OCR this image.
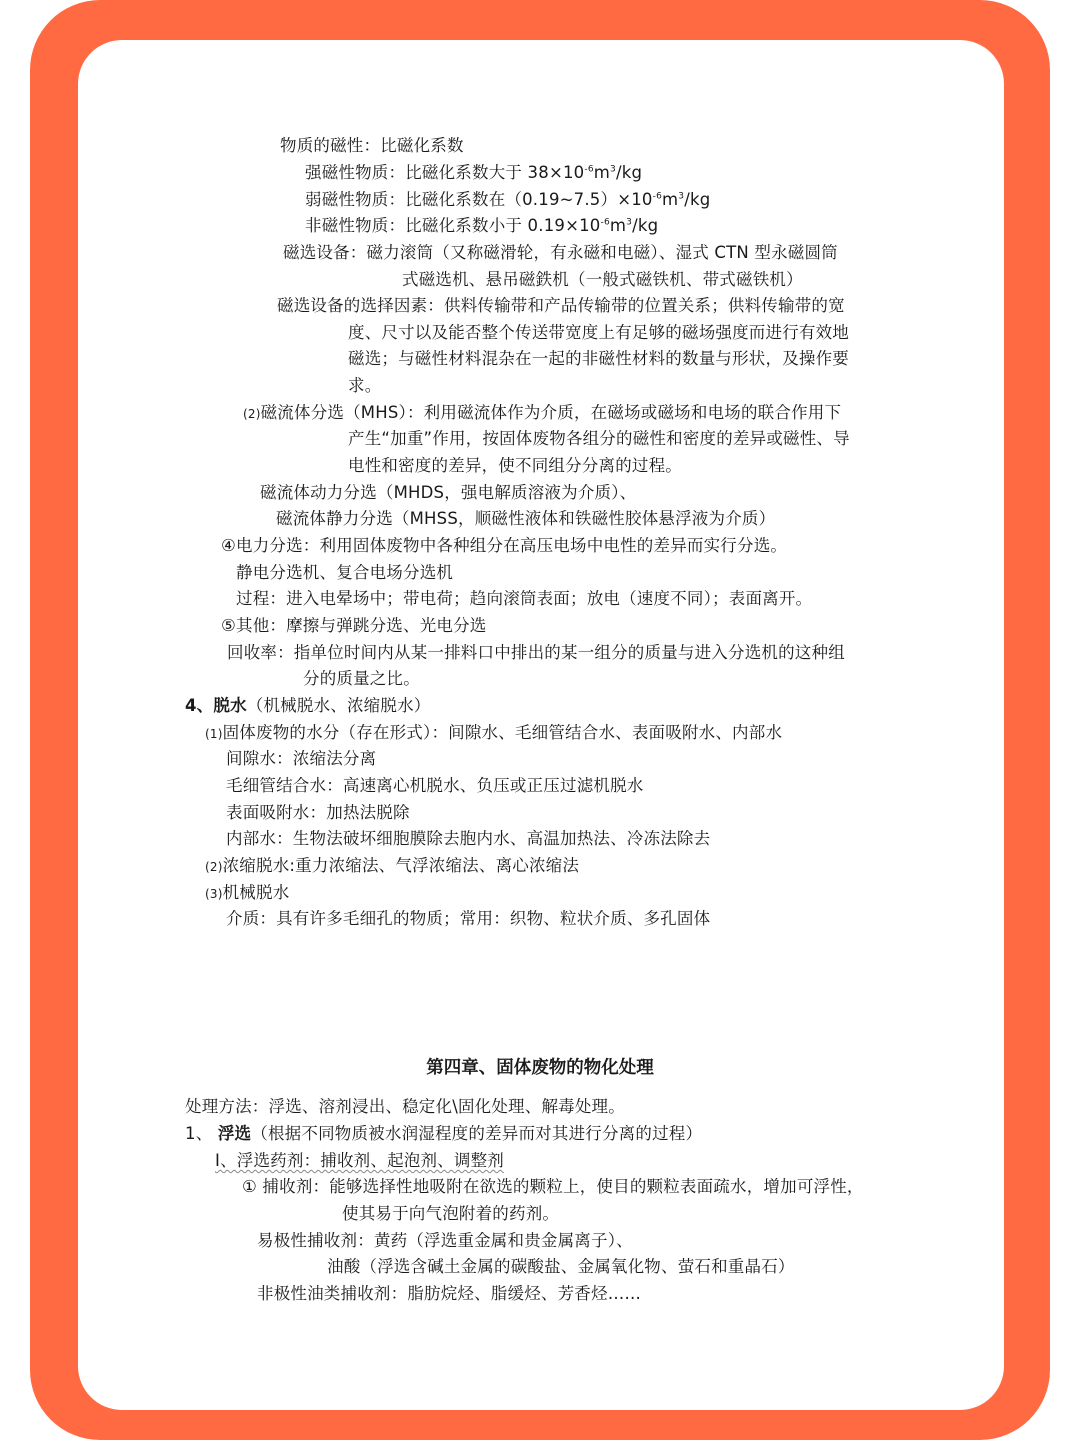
物质的磁性：比磁化系数
强磁性物质：比磁化系数大于 $38\times 10^{-6}m^3/kg$
弱磁性物质：比磁化系数在$(0.19\sim 7.5)\times 10^{-6}m^3/kg$
非磁性物质：比磁化系数小于 $0.19\times 10^{-6}m^3/kg$
磁选设备：磁力滚筒（又称磁滑轮，有永磁和电磁）、湿式 CTN 型永磁圆筒
式磁选机、悬吊磁鉄机（一般式磁铁机、带式磁铁机）
磁选设备的选择因素：供料传输带和产品传输带的位置关系；供料传输带的宽
度、尺寸以及能否整个传送带宽度上有足够的磁场强度而进行有效地
磁选；与磁性材料混杂在一起的非磁性材料的数量与形状，及操作要
求。
(2)磁流体分选（MHS）：利用磁流体作为介质，在磁场或磁场和电场的联合作用下
产生“加重”作用，按固体废物各组分的磁性和密度的差异或磁性、导
电性和密度的差异，使不同组分分离的过程。
磁流体动力分选（MHDS，强电解质溶液为介质）、
磁流体静力分选（MHSS，顺磁性液体和铁磁性胶体悬浮液为介质）
④电力分选：利用固体废物中各种组分在高压电场中电性的差异而实行分选。
静电分选机、复合电场分选机
过程：进入电晕场中；带电荷；趋向滚筒表面；放电（速度不同）；表面离开。
⑤其他：摩擦与弹跳分选、光电分选
回收率：指单位时间内从某一排料口中排出的某一组分的质量与进入分选机的这种组
分的质量之比。
4、脱水（机械脱水、浓缩脱水）
(1)固体废物的水分（存在形式）：间隙水、毛细管结合水、表面吸附水、内部水
间隙水：浓缩法分离
毛细管结合水：高速离心机脱水、负压或正压过滤机脱水
表面吸附水：加热法脱除
内部水：生物法破坏细胞膜除去胞内水、高温加热法、冷冻法除去
(2)浓缩脱水:重力浓缩法、气浮浓缩法、离心浓缩法
(3)机械脱水
介质：具有许多毛细孔的物质；常用：织物、粒状介质、多孔固体
第四章、固体废物的物化处理
处理方法：浮选、溶剂浸出、稳定化\固化处理、解毒处理。
1、 浮选（根据不同物质被水润湿程度的差异而对其进行分离的过程）
Ⅰ、浮选药剂：捕收剂、起泡剂、调整剂
① 捕收剂：能够选择性地吸附在欲选的颗粒上，使目的颗粒表面疏水，增加可浮性，
使其易于向气泡附着的药剂。
易极性捕收剂：黄药（浮选重金属和贵金属离子）、
油酸（浮选含碱土金属的碳酸盐、金属氧化物、萤石和重晶石）
非极性油类捕收剂：脂肪烷烃、脂缓烃、芳香烃……
